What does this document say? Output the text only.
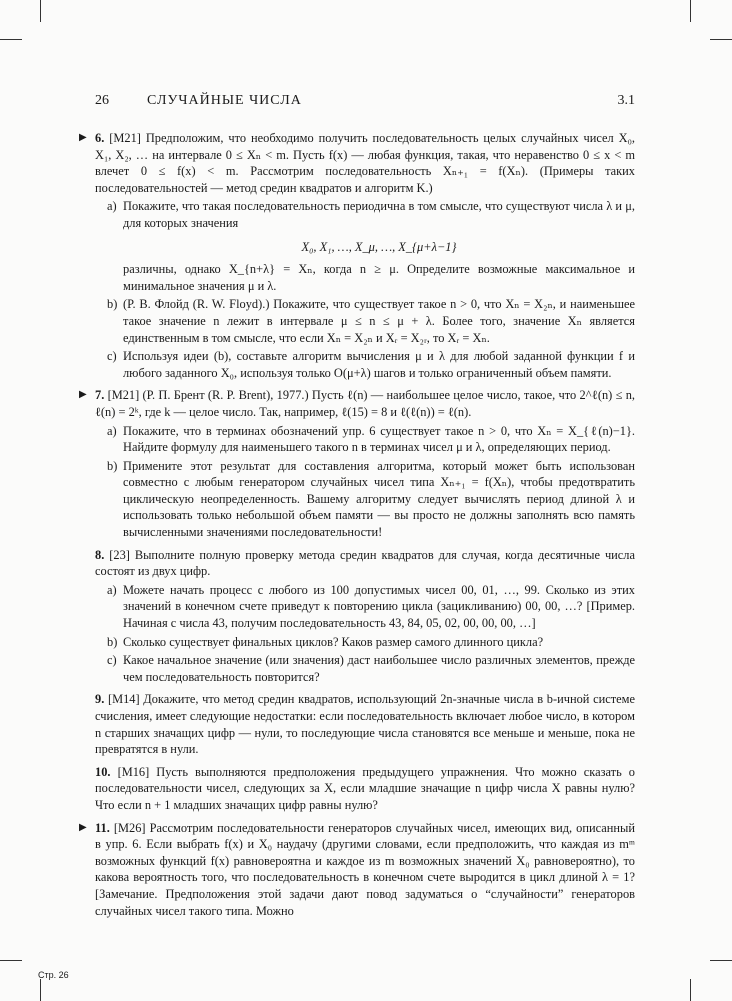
26	СЛУЧАЙНЫЕ ЧИСЛА	3.1
▶ 6. [M21] Предположим, что необходимо получить последовательность целых случайных чисел X₀, X₁, X₂, … на интервале 0 ≤ Xₙ < m. Пусть f(x) — любая функция, такая, что неравенство 0 ≤ x < m влечет 0 ≤ f(x) < m. Рассмотрим последовательность Xₙ₊₁ = f(Xₙ). (Примеры таких последовательностей — метод средин квадратов и алгоритм K.)
a) Покажите, что такая последовательность периодична в том смысле, что существуют числа λ и μ, для которых значения
X₀, X₁, …, X_μ, …, X_{μ+λ−1}
различны, однако X_{n+λ} = Xₙ, когда n ≥ μ. Определите возможные максимальное и минимальное значения μ и λ.
b) (Р. В. Флойд (R. W. Floyd).) Покажите, что существует такое n > 0, что Xₙ = X₂ₙ, и наименьшее такое значение n лежит в интервале μ ≤ n ≤ μ + λ. Более того, значение Xₙ является единственным в том смысле, что если Xₙ = X₂ₙ и Xᵣ = X₂ᵣ, то Xᵣ = Xₙ.
c) Используя идеи (b), составьте алгоритм вычисления μ и λ для любой заданной функции f и любого заданного X₀, используя только O(μ+λ) шагов и только ограниченный объем памяти.
▶ 7. [M21] (Р. П. Брент (R. P. Brent), 1977.) Пусть ℓ(n) — наибольшее целое число, такое, что 2^ℓ(n) ≤ n, ℓ(n) = 2ᵏ, где k — целое число. Так, например, ℓ(15) = 8 и ℓ(ℓ(n)) = ℓ(n).
a) Покажите, что в терминах обозначений упр. 6 существует такое n > 0, что Xₙ = X_{ℓ(n)−1}. Найдите формулу для наименьшего такого n в терминах чисел μ и λ, определяющих период.
b) Примените этот результат для составления алгоритма, который может быть использован совместно с любым генератором случайных чисел типа Xₙ₊₁ = f(Xₙ), чтобы предотвратить циклическую неопределенность. Вашему алгоритму следует вычислять период длиной λ и использовать только небольшой объем памяти — вы просто не должны заполнять всю память вычисленными значениями последовательности!
8. [23] Выполните полную проверку метода средин квадратов для случая, когда десятичные числа состоят из двух цифр.
a) Можете начать процесс с любого из 100 допустимых чисел 00, 01, …, 99. Сколько из этих значений в конечном счете приведут к повторению цикла (зацикливанию) 00, 00, …? [Пример. Начиная с числа 43, получим последовательность 43, 84, 05, 02, 00, 00, 00, …]
b) Сколько существует финальных циклов? Каков размер самого длинного цикла?
c) Какое начальное значение (или значения) даст наибольшее число различных элементов, прежде чем последовательность повторится?
9. [M14] Докажите, что метод средин квадратов, использующий 2n-значные числа в b-ичной системе счисления, имеет следующие недостатки: если последовательность включает любое число, в котором n старших значащих цифр — нули, то последующие числа становятся все меньше и меньше, пока не превратятся в нули.
10. [M16] Пусть выполняются предположения предыдущего упражнения. Что можно сказать о последовательности чисел, следующих за X, если младшие значащие n цифр числа X равны нулю? Что если n + 1 младших значащих цифр равны нулю?
▶ 11. [M26] Рассмотрим последовательности генераторов случайных чисел, имеющих вид, описанный в упр. 6. Если выбрать f(x) и X₀ наудачу (другими словами, если предположить, что каждая из mᵐ возможных функций f(x) равновероятна и каждое из m возможных значений X₀ равновероятно), то какова вероятность того, что последовательность в конечном счете выродится в цикл длиной λ = 1? [Замечание. Предположения этой задачи дают повод задуматься о “случайности” генераторов случайных чисел такого типа. Можно
Стр. 26
